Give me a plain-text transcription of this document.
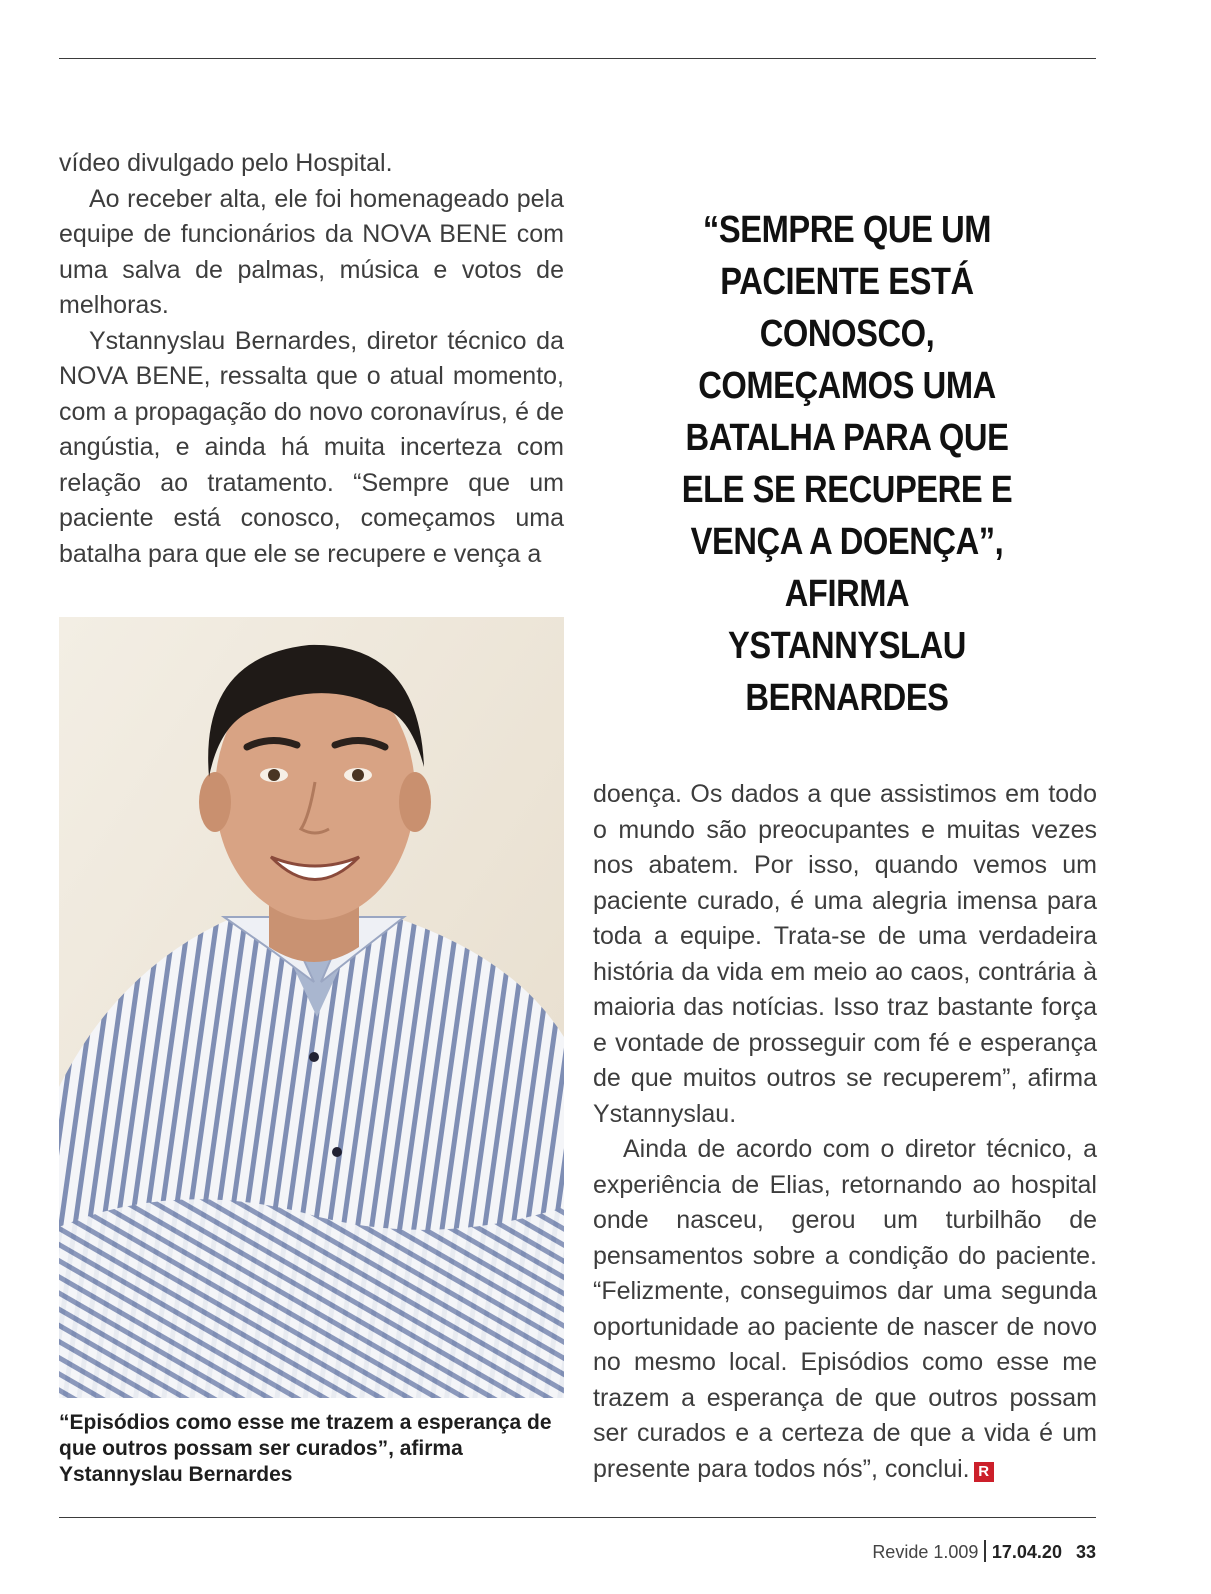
vídeo divulgado pelo Hospital.

Ao receber alta, ele foi homenageado pela equipe de funcionários da NOVA BENE com uma salva de palmas, música e votos de melhoras.

Ystannyslau Bernardes, diretor técnico da NOVA BENE, ressalta que o atual momento, com a propagação do novo coronavírus, é de angústia, e ainda há muita incerteza com relação ao tratamento. “Sempre que um paciente está conosco, começamos uma batalha para que ele se recupere e vença a

“SEMPRE QUE UM PACIENTE ESTÁ CONOSCO, COMEÇAMOS UMA BATALHA PARA QUE ELE SE RECUPERE E VENÇA A DOENÇA”, AFIRMA YSTANNYSLAU BERNARDES
“Episódios como esse me trazem a esperança de que outros possam ser curados”, afirma Ystannyslau Bernardes

doença. Os dados a que assistimos em todo o mundo são preocupantes e muitas vezes nos abatem. Por isso, quando vemos um paciente curado, é uma alegria imensa para toda a equipe. Trata-se de uma verdadeira história da vida em meio ao caos, contrária à maioria das notícias. Isso traz bastante força e vontade de prosseguir com fé e esperança de que muitos outros se recuperem”, afirma Ystannyslau.

Ainda de acordo com o diretor técnico, a experiência de Elias, retornando ao hospital onde nasceu, gerou um turbilhão de pensamentos sobre a condição do paciente. “Felizmente, conseguimos dar uma segunda oportunidade ao paciente de nascer de novo no mesmo local. Episódios como esse me trazem a esperança de que outros possam ser curados e a certeza de que a vida é um presente para todos nós”, conclui. R

Revide 1.009 17.04.20 33
